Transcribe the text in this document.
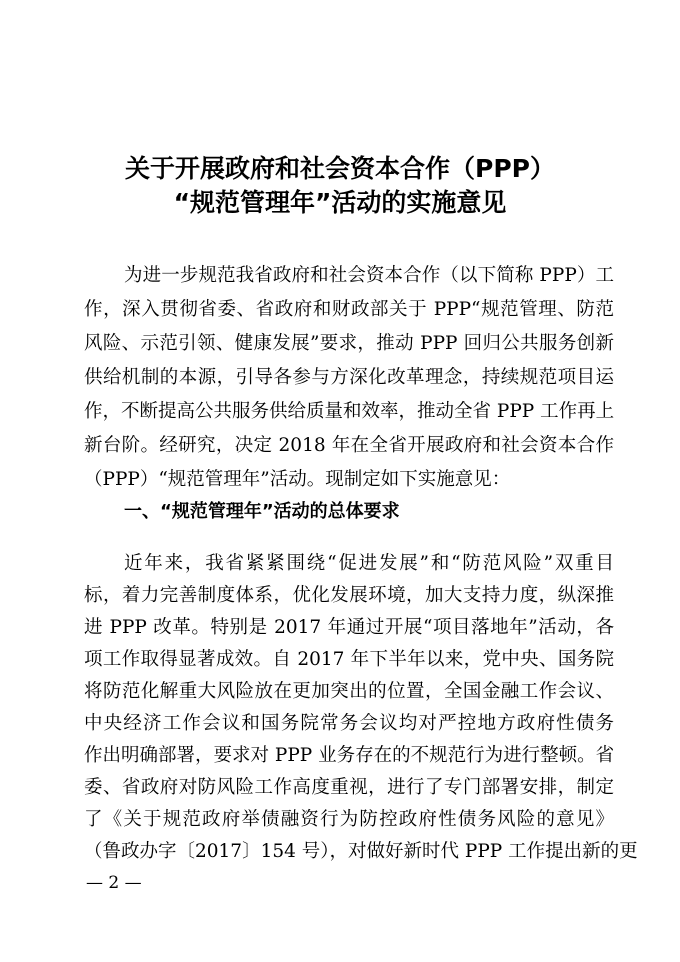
关于开展政府和社会资本合作（PPP）
“规范管理年”活动的实施意见
为进一步规范我省政府和社会资本合作（以下简称 PPP）工
作，深入贯彻省委、省政府和财政部关于 PPP“规范管理、防范
风险、示范引领、健康发展”要求，推动 PPP 回归公共服务创新
供给机制的本源，引导各参与方深化改革理念，持续规范项目运
作，不断提高公共服务供给质量和效率，推动全省 PPP 工作再上
新台阶。经研究，决定 2018 年在全省开展政府和社会资本合作
（PPP）“规范管理年”活动。现制定如下实施意见：
一、“规范管理年”活动的总体要求
近年来，我省紧紧围绕“促进发展”和“防范风险”双重目
标，着力完善制度体系，优化发展环境，加大支持力度，纵深推
进 PPP 改革。特别是 2017 年通过开展“项目落地年”活动，各
项工作取得显著成效。自 2017 年下半年以来，党中央、国务院
将防范化解重大风险放在更加突出的位置，全国金融工作会议、
中央经济工作会议和国务院常务会议均对严控地方政府性债务
作出明确部署，要求对 PPP 业务存在的不规范行为进行整顿。省
委、省政府对防风险工作高度重视，进行了专门部署安排，制定
了《关于规范政府举债融资行为防控政府性债务风险的意见》
（鲁政办字〔2017〕154 号），对做好新时代 PPP 工作提出新的更
— 2 —
